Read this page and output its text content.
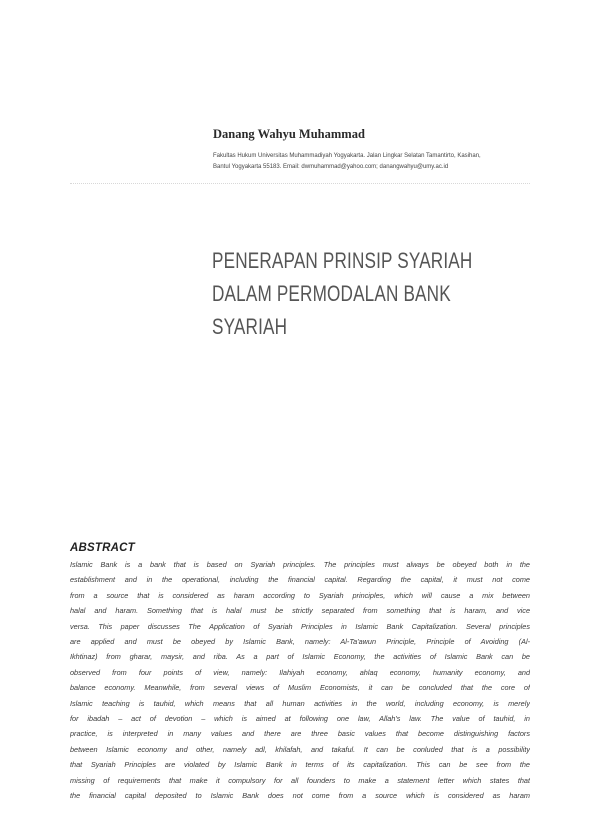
Danang Wahyu Muhammad
Fakultas Hukum Universitas Muhammadiyah Yogyakarta. Jalan Lingkar Selatan Tamantirto, Kasihan,
Bantul Yogyakarta 55183. Email: dwmuhammad@yahoo.com; danangwahyu@umy.ac.id
PENERAPAN PRINSIP SYARIAH
DALAM PERMODALAN BANK
SYARIAH
ABSTRACT
Islamic Bank is a bank that is based on Syariah principles. The principles must always be obeyed both in the
establishment and in the operational, including the financial capital. Regarding the capital, it must not come
from a source that is considered as haram according to Syariah principles, which will cause a mix between
halal and haram. Something that is halal must be strictly separated from something that is haram, and vice
versa. This paper discusses The Application of Syariah Principles in Islamic Bank Capitalization. Several principles
are applied and must be obeyed by Islamic Bank, namely: Al-Ta'awun Principle, Principle of Avoiding (Al-
Ikhtinaz) from gharar, maysir, and riba. As a part of Islamic Economy, the activities of Islamic Bank can be
observed from four points of view, namely: Ilahiyah economy, ahlaq economy, humanity economy, and
balance economy. Meanwhile, from several views of Muslim Economists, it can be concluded that the core of
Islamic teaching is tauhid, which means that all human activities in the world, including economy, is merely
for ibadah – act of devotion – which is aimed at following one law, Allah's law. The value of tauhid, in
practice, is interpreted in many values and there are three basic values that become distinguishing factors
between Islamic economy and other, namely adl, khilafah, and takaful. It can be conluded that is a possibility
that Syariah Principles are violated by Islamic Bank in terms of its capitalization. This can be see from the
missing of requirements that make it compulsory for all founders to make a statement letter which states that
the financial capital deposited to Islamic Bank does not come from a source which is considered as haram
